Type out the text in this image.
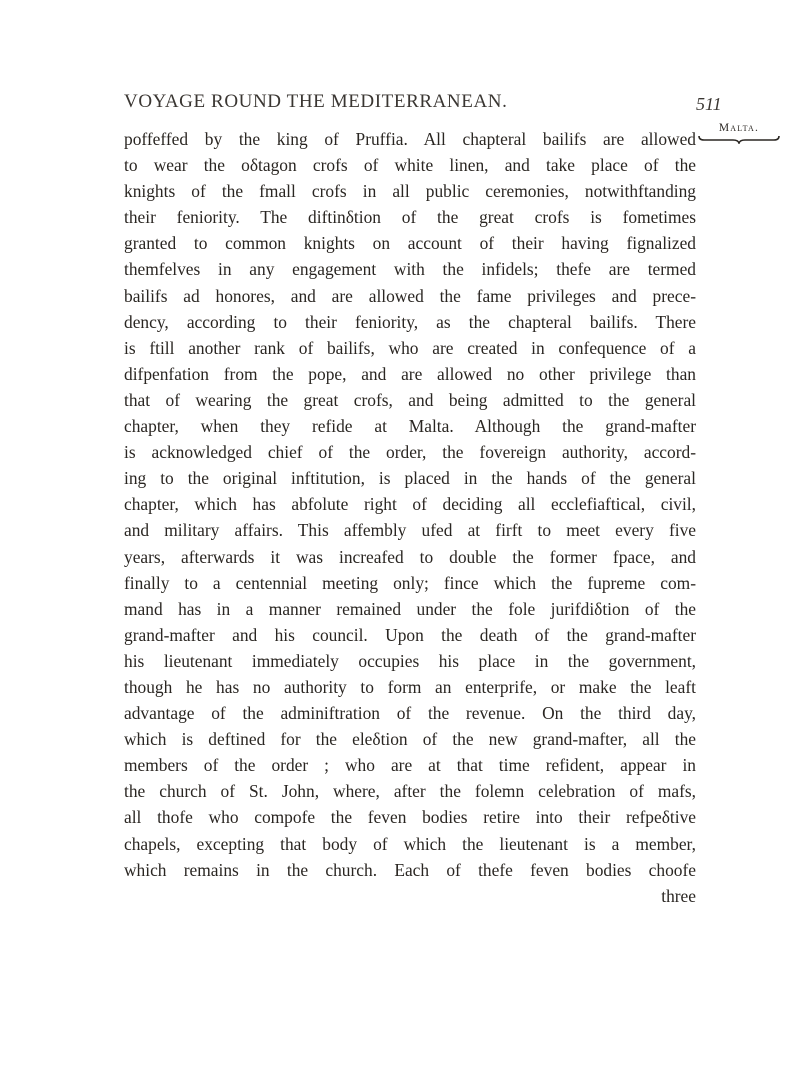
VOYAGE ROUND THE MEDITERRANEAN.	511
Malta.
poffeffed by the king of Pruffia. All chapteral bailifs are allowed
to wear the oδtagon crofs of white linen, and take place of the
knights of the fmall crofs in all public ceremonies, notwithftanding
their feniority. The diftinδtion of the great crofs is fometimes
granted to common knights on account of their having fignalized
themfelves in any engagement with the infidels; thefe are termed
bailifs ad honores, and are allowed the fame privileges and prece-
dency, according to their feniority, as the chapteral bailifs. There
is ftill another rank of bailifs, who are created in confequence of a
difpenfation from the pope, and are allowed no other privilege than
that of wearing the great crofs, and being admitted to the general
chapter, when they refide at Malta. Although the grand-mafter
is acknowledged chief of the order, the fovereign authority, accord-
ing to the original inftitution, is placed in the hands of the general
chapter, which has abfolute right of deciding all ecclefiaftical, civil,
and military affairs. This affembly ufed at firft to meet every five
years, afterwards it was increafed to double the former fpace, and
finally to a centennial meeting only; fince which the fupreme com-
mand has in a manner remained under the fole jurifdiδtion of the
grand-mafter and his council. Upon the death of the grand-mafter
his lieutenant immediately occupies his place in the government,
though he has no authority to form an enterprife, or make the leaft
advantage of the adminiftration of the revenue. On the third day,
which is deftined for the eleδtion of the new grand-mafter, all the
members of the order ; who are at that time refident, appear in
the church of St. John, where, after the folemn celebration of mafs,
all thofe who compofe the feven bodies retire into their refpeδtive
chapels, excepting that body of which the lieutenant is a member,
which remains in the church. Each of thefe feven bodies choofe
three
